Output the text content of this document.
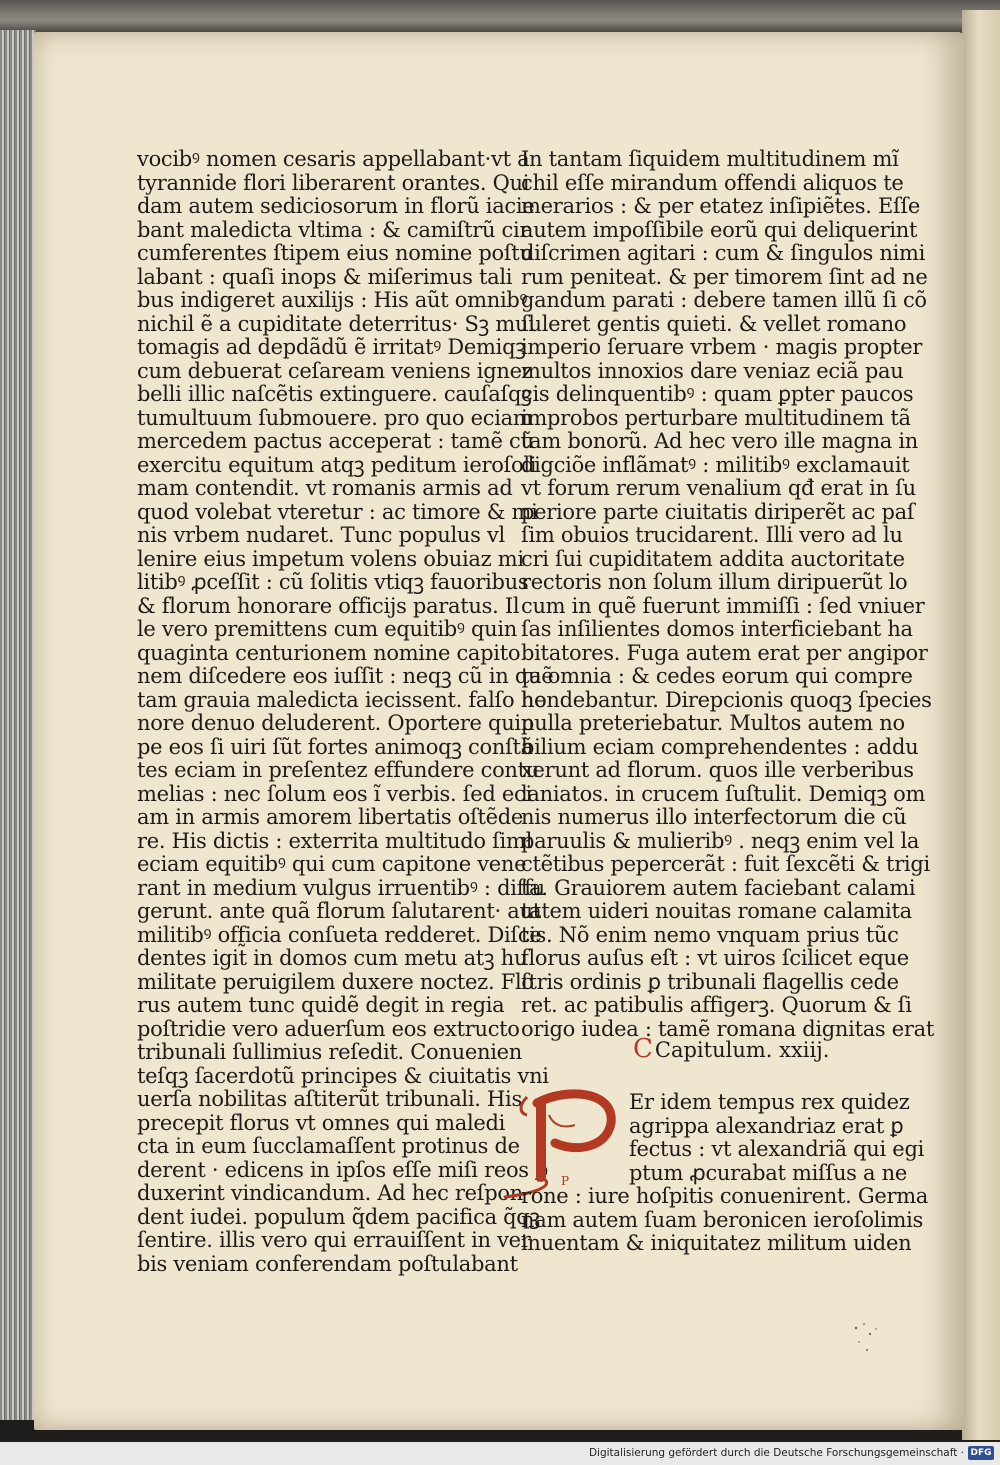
vocibꝰ nomen cesaris appellabant·vt a
tyrannide flori liberarent orantes. Qui
dam autem sediciosorum in florũ iacie
bant maledicta vltima : & camiſtrũ cir
cumferentes ſtipem eius nomine poſtu
labant : quaſi inops & miſerimus tali
bus indigeret auxilijs : His aũt omnibꝰ
nichil ẽ a cupiditate deterritus· Sꝫ mul
tomagis ad depdãdũ ẽ irritatꝰ Demiqꝫ
cum debuerat ceſaream veniens ignez
belli illic naſcẽtis extinguere. cauſaſqꝫ
tumultuum ſubmouere. pro quo eciam
mercedem pactus acceperat : tamẽ cũ
exercitu equitum atqꝫ peditum ieroſoli
mam contendit. vt romanis armis ad
quod volebat vteretur : ac timore & mi
nis vrbem nudaret. Tunc populus vl
lenire eius impetum volens obuiaz mi
litibꝰ ꝓceſſit : cũ ſolitis vtiqꝫ fauoribus
& florum honorare officijs paratus. Il
le vero premittens cum equitibꝰ quin
quaginta centurionem nomine capito
nem diſcedere eos iuſſit : neqꝫ cũ in quẽ
tam grauia maledicta iecissent. falſo ho
nore denuo deluderent. Oportere quip
pe eos ſi uiri ſũt fortes animoqꝫ conſtã
tes eciam in preſentez effundere contu
melias : nec ſolum eos ĩ verbis. ſed eci
am in armis amorem libertatis oſtẽde
re. His dictis : exterrita multitudo ſimł
eciam equitibꝰ qui cum capitone vene
rant in medium vulgus irruentibꝰ : diffu
gerunt. ante quã florum ſalutarent· aut
militibꝰ officia conſueta redderet. Diſce
dentes igit̃ in domos cum metu atꝫ hu
militate peruigilem duxere noctez. Flo
rus autem tunc quidẽ degit in regia
poſtridie vero aduerſum eos extructo
tribunali ſullimius reſedit. Conuenien
teſqꝫ ſacerdotũ principes & ciuitatis vni
uerſa nobilitas aſtiterũt tribunali. His
precepit florus vt omnes qui maledi
cta in eum ſucclamaſſent protinus de
derent · edicens in ipſos eſſe miſi reos ꝑ
duxerint vindicandum. Ad hec reſpon
dent iudei. populum q̃dem pacifica q̃qꝫ
ſentire. illis vero qui errauiſſent in ver
bis veniam conferendam poſtulabant
In tantam ſiquidem multitudinem mĩ
chil eſſe mirandum offendi aliquos te
merarios : & per etatez inſipiẽtes. Eſſe
autem impoſſibile eorũ qui deliquerint
diſcrimen agitari : cum & ſingulos nimi
rum peniteat. & per timorem ſint ad ne
gandum parati : debere tamen illũ ſi cõ
ſuleret gentis quieti. & vellet romano
imperio ſeruare vrbem · magis propter
multos innoxios dare veniaz eciã pau
cis delinquentibꝰ : quam ꝑpter paucos
improbos perturbare multitudinem tã
tam bonorũ. Ad hec vero ille magna in
digciõe inflãmatꝰ : militibꝰ exclamauit
vt forum rerum venalium qđ erat in ſu
periore parte ciuitatis diriperẽt ac paſ
ſim obuios trucidarent. Illi vero ad lu
cri ſui cupiditatem addita auctoritate
rectoris non ſolum illum diripuerũt lo
cum in quẽ fuerunt immiſſi : ſed vniuer
ſas inſilientes domos interficiebant ha
bitatores. Fuga autem erat per angipor
ta omnia : & cedes eorum qui compre
hendebantur. Direpcionis quoqꝫ ſpecies
nulla preteriebatur. Multos autem no
bilium eciam comprehendentes : addu
xerunt ad florum. quos ille verberibus
laniatos. in crucem ſuſtulit. Demiqꝫ om
nis numerus illo interfectorum die cũ
paruulis & mulieribꝰ . neqꝫ enim vel la
ctẽtibus pepercerãt : fuit ſexcẽti & trigi
ta. Grauiorem autem faciebant calami
tatem uideri nouitas romane calamita
tis. Nõ enim nemo vnquam prius tũc
florus auſus eſt : vt uiros ſcilicet eque
ſtris ordinis ꝑ tribunali flagellis cede
ret. ac patibulis affigerꝫ. Quorum & ſi
origo iudea : tamẽ romana dignitas erat
CCapitulum. xxiij.
P
Er idem tempus rex quidez
agrippa alexandriaz erat ꝑ
fectus : vt alexandriã qui egi
ptum ꝓcurabat miſſus a ne
rone : iure hoſpitis conuenirent. Germa
nam autem ſuam beronicen ieroſolimis
inuentam & iniquitatez militum uiden
Digitalisierung gefördert durch die Deutsche Forschungsgemeinschaft · DFG
